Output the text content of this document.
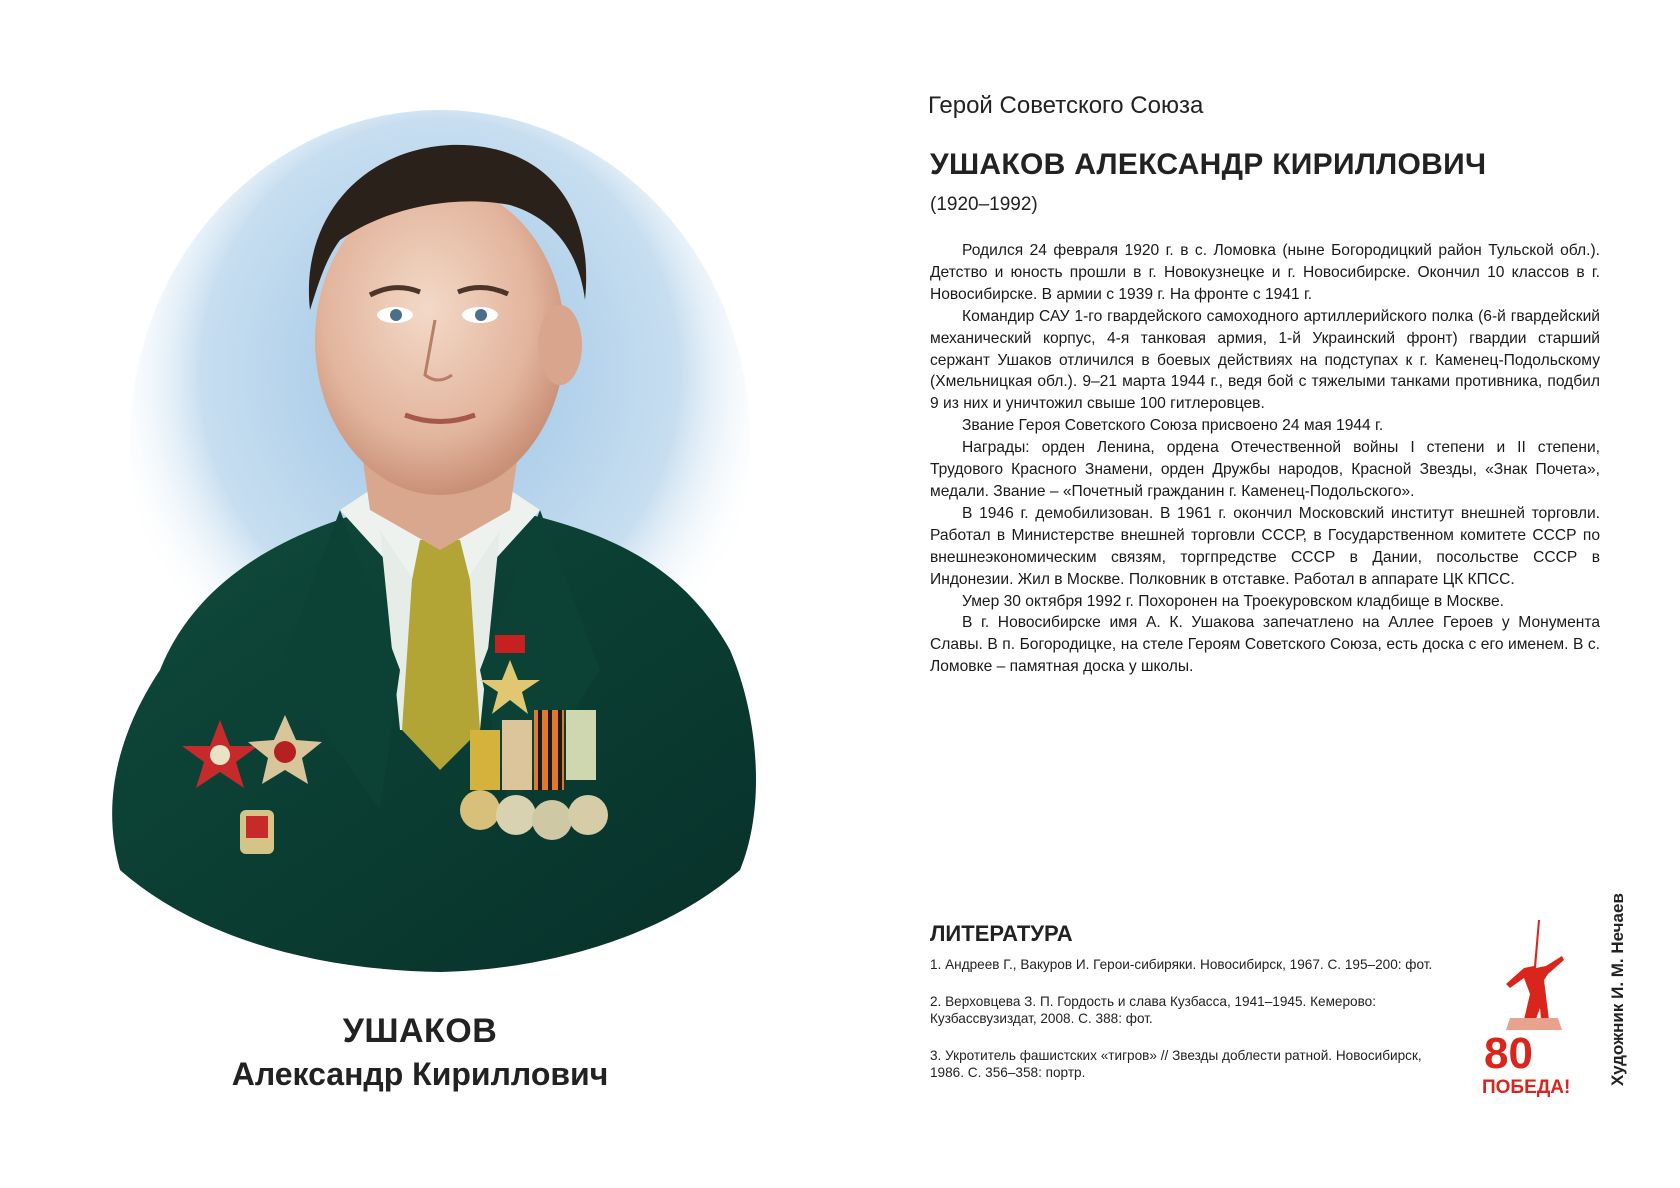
УШАКОВ
Александр Кириллович
Герой Советского Союза
УШАКОВ АЛЕКСАНДР КИРИЛЛОВИЧ
(1920–1992)

Родился 24 февраля 1920 г. в с. Ломовка (ныне Богородицкий район Тульской обл.). Детство и юность прошли в г. Новокузнецке и г. Новосибирске. Окончил 10 классов в г. Новосибирске. В армии с 1939 г. На фронте с 1941 г.

Командир САУ 1-го гвардейского самоходного артиллерийского полка (6-й гвардейский механический корпус, 4-я танковая армия, 1-й Украинский фронт) гвардии старший сержант Ушаков отличился в боевых действиях на подступах к г. Каменец-Подольскому (Хмельницкая обл.). 9–21 марта 1944 г., ведя бой с тяжелыми танками противника, подбил 9 из них и уничтожил свыше 100 гитлеровцев.

Звание Героя Советского Союза присвоено 24 мая 1944 г.

Награды: орден Ленина, ордена Отечественной войны I степени и II степени, Трудового Красного Знамени, орден Дружбы народов, Красной Звезды, «Знак Почета», медали. Звание – «Почетный гражданин г. Каменец-Подольского».

В 1946 г. демобилизован. В 1961 г. окончил Московский институт внешней торговли. Работал в Министерстве внешней торговли СССР, в Государственном комитете СССР по внешнеэкономическим связям, торгпредстве СССР в Дании, посольстве СССР в Индонезии. Жил в Москве. Полковник в отставке. Работал в аппарате ЦК КПСС.

Умер 30 октября 1992 г. Похоронен на Троекуровском кладбище в Москве.

В г. Новосибирске имя А. К. Ушакова запечатлено на Аллее Героев у Монумента Славы. В п. Богородицке, на стеле Героям Советского Союза, есть доска с его именем. В с. Ломовке – памятная доска у школы.

ЛИТЕРАТУРА
1. Андреев Г., Вакуров И. Герои-сибиряки. Новосибирск, 1967. С. 195–200: фот.
2. Верховцева З. П. Гордость и слава Кузбасса, 1941–1945. Кемерово: Кузбассвузиздат, 2008. С. 388: фот.
3. Укротитель фашистских «тигров» // Звезды доблести ратной. Новосибирск, 1986. С. 356–358: портр.	80
ПОБЕДА!
Художник И. М. Нечаев
